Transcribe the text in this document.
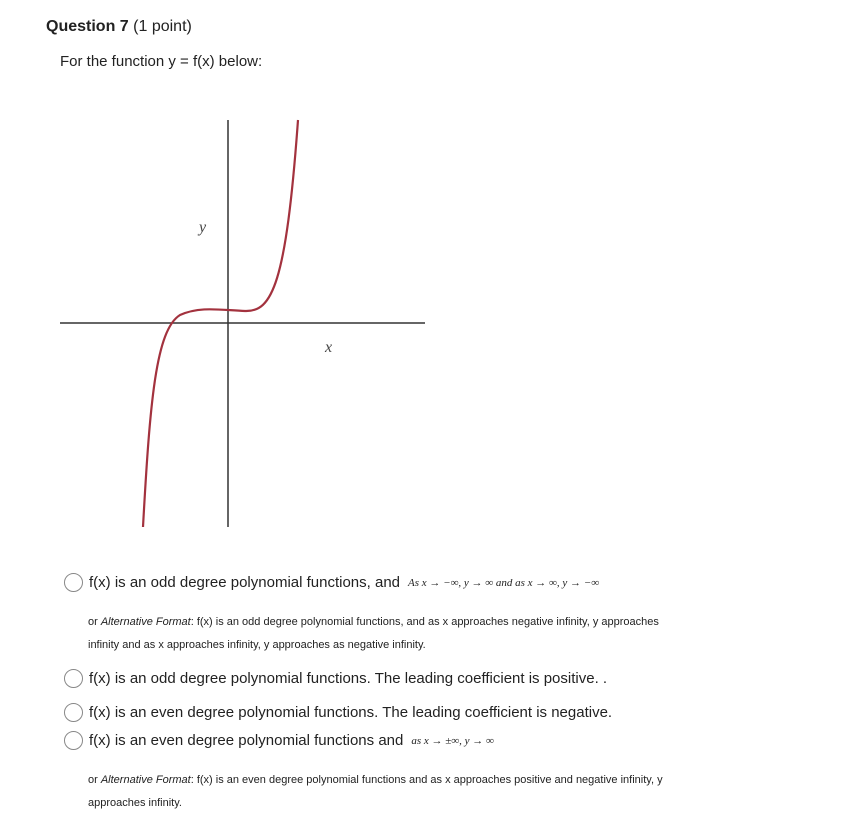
Question 7 (1 point)
For the function y = f(x) below:
y
x
f(x) is an odd degree polynomial functions, and As x → −∞, y → ∞ and as x → ∞, y → −∞
or Alternative Format: f(x) is an odd degree polynomial functions, and as x approaches negative infinity, y approaches infinity and as x approaches infinity, y approaches as negative infinity.
f(x) is an odd degree polynomial functions. The leading coefficient is positive. .
f(x) is an even degree polynomial functions. The leading coefficient is negative.
f(x) is an even degree polynomial functions and as x → ±∞, y → ∞
or Alternative Format: f(x) is an even degree polynomial functions and as x approaches positive and negative infinity, y approaches infinity.
